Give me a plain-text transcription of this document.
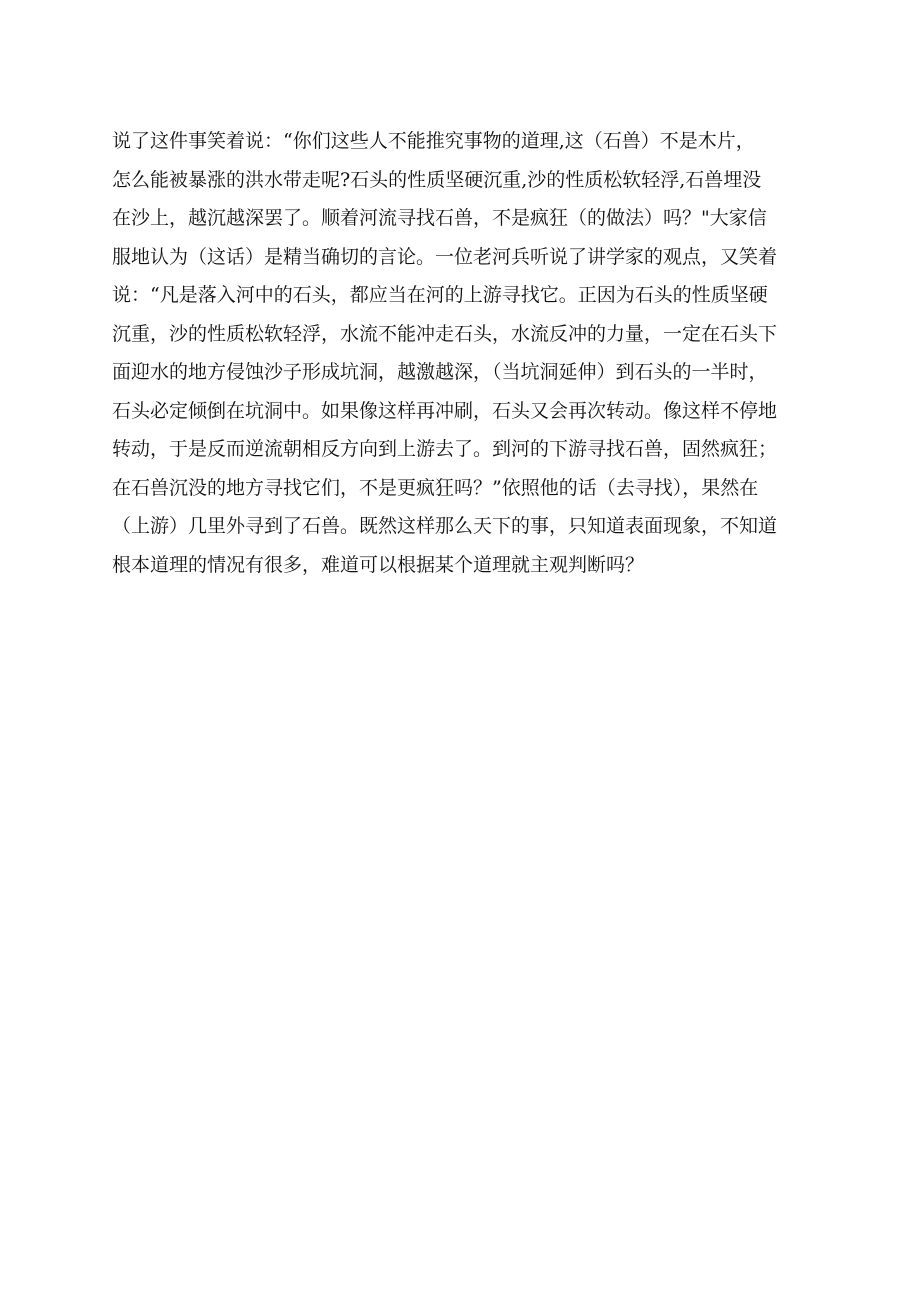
说了这件事笑着说：“你们这些人不能推究事物的道理,这（石兽）不是木片，
怎么能被暴涨的洪水带走呢?石头的性质坚硬沉重,沙的性质松软轻浮,石兽埋没
在沙上，越沉越深罢了。顺着河流寻找石兽，不是疯狂（的做法）吗？"大家信
服地认为（这话）是精当确切的言论。一位老河兵听说了讲学家的观点，又笑着
说：“凡是落入河中的石头，都应当在河的上游寻找它。正因为石头的性质坚硬
沉重，沙的性质松软轻浮，水流不能冲走石头，水流反冲的力量，一定在石头下
面迎水的地方侵蚀沙子形成坑洞，越激越深，（当坑洞延伸）到石头的一半时，
石头必定倾倒在坑洞中。如果像这样再冲刷，石头又会再次转动。像这样不停地
转动，于是反而逆流朝相反方向到上游去了。到河的下游寻找石兽，固然疯狂；
在石兽沉没的地方寻找它们，不是更疯狂吗？”依照他的话（去寻找），果然在
（上游）几里外寻到了石兽。既然这样那么天下的事，只知道表面现象，不知道
根本道理的情况有很多，难道可以根据某个道理就主观判断吗？
